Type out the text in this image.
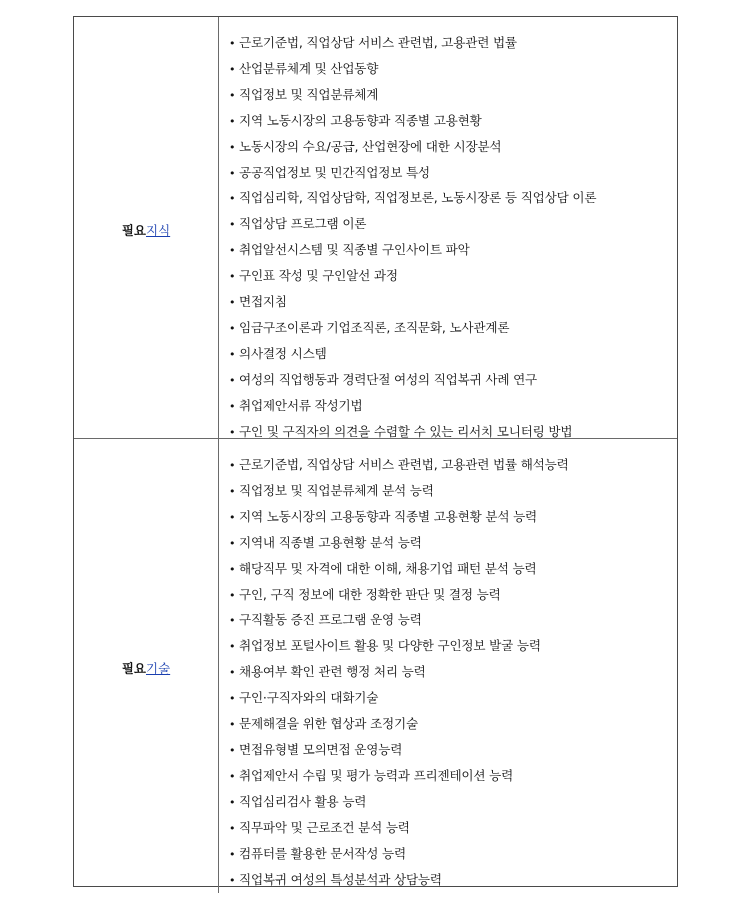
필요 지식
• 근로기준법, 직업상담 서비스 관련법, 고용관련 법률
• 산업분류체계 및 산업동향
• 직업정보 및 직업분류체계
• 지역 노동시장의 고용동향과 직종별 고용현황
• 노동시장의 수요/공급, 산업현장에 대한 시장분석
• 공공직업정보 및 민간직업정보 특성
• 직업심리학, 직업상담학, 직업정보론, 노동시장론 등 직업상담 이론
• 직업상담 프로그램 이론
• 취업알선시스템 및 직종별 구인사이트 파악
• 구인표 작성 및 구인알선 과정
• 면접지침
• 임금구조이론과 기업조직론, 조직문화, 노사관계론
• 의사결정 시스템
• 여성의 직업행동과 경력단절 여성의 직업복귀 사례 연구
• 취업제안서류 작성기법
• 구인 및 구직자의 의견을 수렴할 수 있는 리서치 모니터링 방법
필요 기술
• 근로기준법, 직업상담 서비스 관련법, 고용관련 법률 해석능력
• 직업정보 및 직업분류체계 분석 능력
• 지역 노동시장의 고용동향과 직종별 고용현황 분석 능력
• 지역내 직종별 고용현황 분석 능력
• 해당직무 및 자격에 대한 이해, 채용기업 패턴 분석 능력
• 구인, 구직 정보에 대한 정확한 판단 및 결정 능력
• 구직활동 증진 프로그램 운영 능력
• 취업정보 포털사이트 활용 및 다양한 구인정보 발굴 능력
• 채용여부 확인 관련 행정 처리 능력
• 구인·구직자와의 대화기술
• 문제해결을 위한 협상과 조정기술
• 면접유형별 모의면접 운영능력
• 취업제안서 수립 및 평가 능력과 프리젠테이션 능력
• 직업심리검사 활용 능력
• 직무파악 및 근로조건 분석 능력
• 컴퓨터를 활용한 문서작성 능력
• 직업복귀 여성의 특성분석과 상담능력
